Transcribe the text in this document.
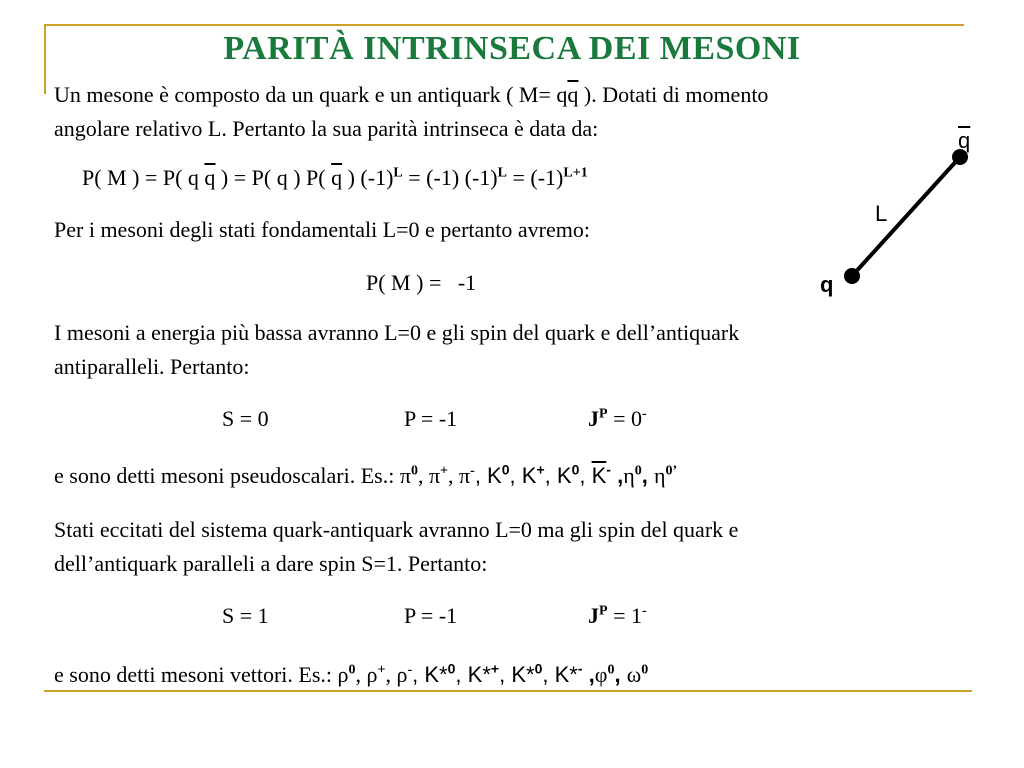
PARITÀ INTRINSECA DEI MESONI
Un mesone è composto da un quark e un antiquark ( $M= q\overline{q}$ ). Dotati di momento
angolare relativo L. Pertanto la sua parità intrinseca è data da:
P( M ) = P( q $\overline{q}$ ) = P( q ) P( $\overline{q}$ ) $(-1)^L = (-1) (-1)^L = (-1)^{L+1}$
Per i mesoni degli stati fondamentali L=0 e pertanto avremo:
P( M ) =   -1
I mesoni a energia più bassa avranno L=0 e gli spin del quark e dell’antiquark
antiparalleli. Pertanto:
S = 0	P = -1	$J^P = 0^-$
e sono detti mesoni pseudoscalari. Es.: $\pi^0$, π+, π-, $K^0$, K+, $K^0$, $\overline{K}^-$ $,\eta^0$, $\eta^{0’}$
Stati eccitati del sistema quark-antiquark avranno L=0 ma gli spin del quark e
dell’antiquark paralleli a dare spin S=1. Pertanto:
S = 1	P = -1	$J^P = 1^-$
e sono detti mesoni vettori. Es.: $\rho^0$, ρ+, ρ-, K*$^0$, K*+, K*$^0$, K*- $,\varphi^0$, $\omega^0$
$\overline{q}$
L
q
